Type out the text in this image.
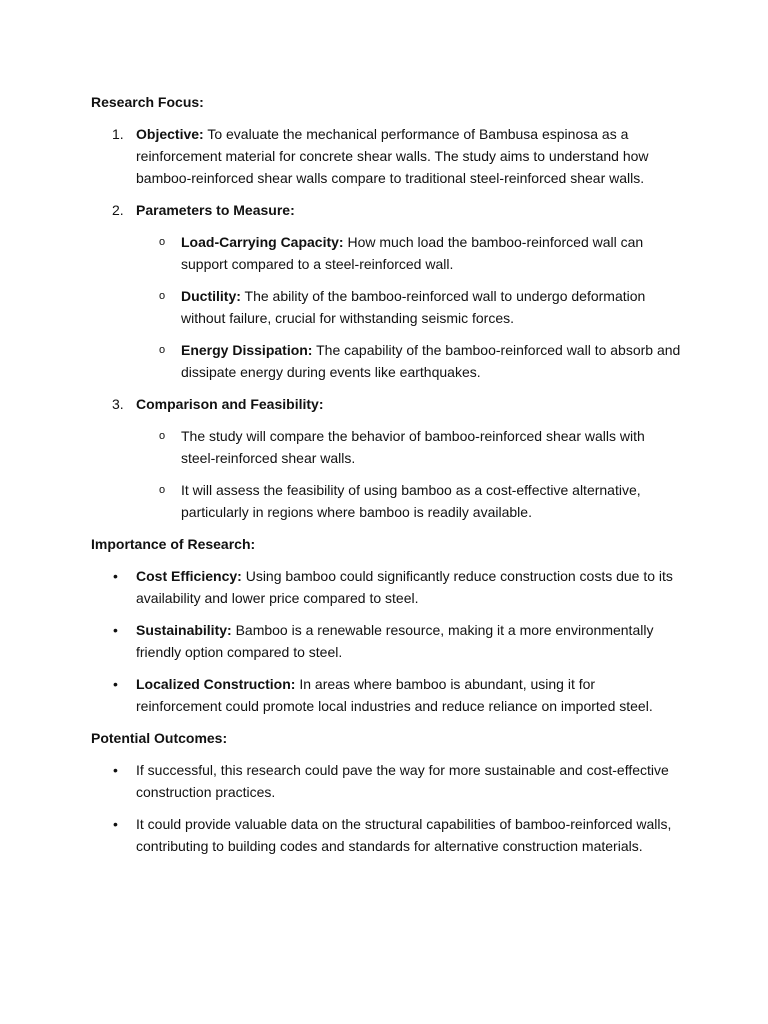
Research Focus:
1. Objective: To evaluate the mechanical performance of Bambusa espinosa as a reinforcement material for concrete shear walls. The study aims to understand how bamboo-reinforced shear walls compare to traditional steel-reinforced shear walls.
2. Parameters to Measure:
o Load-Carrying Capacity: How much load the bamboo-reinforced wall can support compared to a steel-reinforced wall.
o Ductility: The ability of the bamboo-reinforced wall to undergo deformation without failure, crucial for withstanding seismic forces.
o Energy Dissipation: The capability of the bamboo-reinforced wall to absorb and dissipate energy during events like earthquakes.
3. Comparison and Feasibility:
o The study will compare the behavior of bamboo-reinforced shear walls with steel-reinforced shear walls.
o It will assess the feasibility of using bamboo as a cost-effective alternative, particularly in regions where bamboo is readily available.
Importance of Research:
• Cost Efficiency: Using bamboo could significantly reduce construction costs due to its availability and lower price compared to steel.
• Sustainability: Bamboo is a renewable resource, making it a more environmentally friendly option compared to steel.
• Localized Construction: In areas where bamboo is abundant, using it for reinforcement could promote local industries and reduce reliance on imported steel.
Potential Outcomes:
• If successful, this research could pave the way for more sustainable and cost-effective construction practices.
• It could provide valuable data on the structural capabilities of bamboo-reinforced walls, contributing to building codes and standards for alternative construction materials.
